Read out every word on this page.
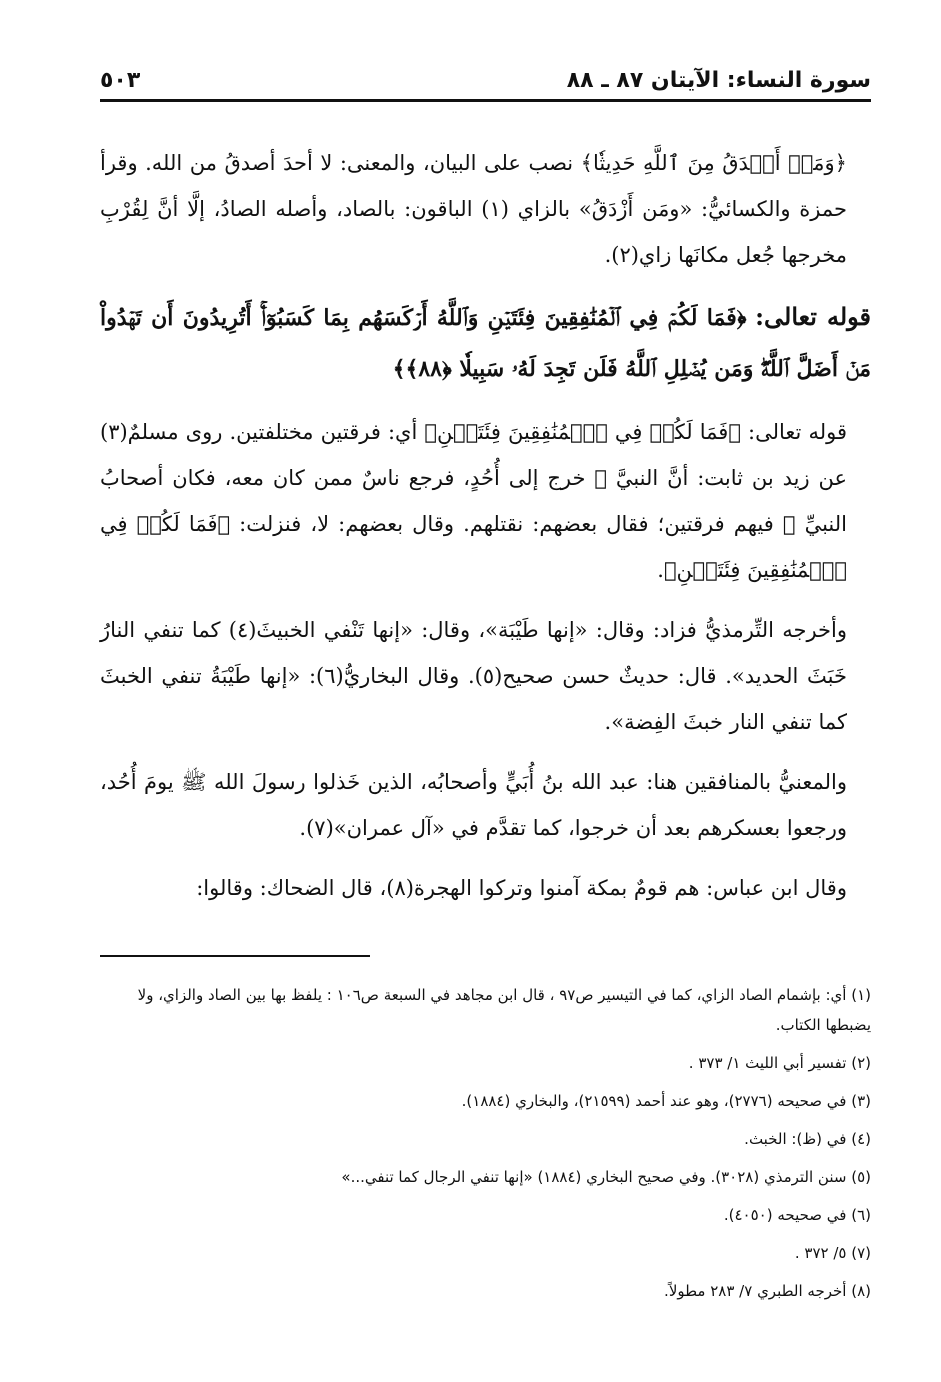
سورة النساء: الآيتان ٨٧ ـ ٨٨
٥٠٣

﴿وَمَنۡ أَصۡدَقُ مِنَ ٱللَّهِ حَدِيثٗا﴾ نصب على البيان، والمعنى: لا أحدَ أصدقُ من الله. وقرأ حمزة والكسائيُّ: «ومَن أَزْدَقُ» بالزاي (١) الباقون: بالصاد، وأصله الصادُ، إلَّا أنَّ لِقُرْبِ مخرجها جُعل مكانَها زاي(٢).

قوله تعالى: ﴿فَمَا لَكُمۡ فِي ٱلۡمُنَٰفِقِينَ فِئَتَيۡنِ وَٱللَّهُ أَرۡكَسَهُم بِمَا كَسَبُوٓاْۚ أَتُرِيدُونَ أَن تَهۡدُواْ مَنۡ أَضَلَّ ٱللَّهُۖ وَمَن يُضۡلِلِ ٱللَّهُ فَلَن تَجِدَ لَهُۥ سَبِيلٗا ﴿٨٨﴾﴾

قوله تعالى: ﴿فَمَا لَكُمۡ فِي ٱلۡمُنَٰفِقِينَ فِئَتَيۡنِ﴾ أي: فرقتين مختلفتين. روى مسلمٌ(٣) عن زيد بن ثابت: أنَّ النبيَّ ﷺ خرج إلى أُحُدٍ، فرجع ناسٌ ممن كان معه، فكان أصحابُ النبيِّ ﷺ فيهم فرقتين؛ فقال بعضهم: نقتلهم. وقال بعضهم: لا، فنزلت: ﴿فَمَا لَكُمۡ فِي ٱلۡمُنَٰفِقِينَ فِئَتَيۡنِ﴾.

وأخرجه التِّرمذيُّ فزاد: وقال: «إنها طَيْبَة»، وقال: «إنها تَنْفي الخبيثَ(٤) كما تنفي النارُ خَبَثَ الحديد». قال: حديثٌ حسن صحيح(٥). وقال البخاريُّ(٦): «إنها طَيْبَةُ تنفي الخبثَ كما تنفي النار خبثَ الفِضة».

والمعنيُّ بالمنافقين هنا: عبد الله بنُ أُبَيٍّ وأصحابُه، الذين خَذلوا رسولَ الله ﷺ يومَ أُحُد، ورجعوا بعسكرهم بعد أن خرجوا، كما تقدَّم في «آل عمران»(٧).

وقال ابن عباس: هم قومٌ بمكة آمنوا وتركوا الهجرة(٨)، قال الضحاك: وقالوا:

(١) أي: بإشمام الصاد الزاي، كما في التيسير ص٩٧ ، قال ابن مجاهد في السبعة ص١٠٦ : يلفظ بها بين الصاد والزاي، ولا يضبطها الكتاب.

(٢) تفسير أبي الليث ١/ ٣٧٣ .

(٣) في صحيحه (٢٧٧٦)، وهو عند أحمد (٢١٥٩٩)، والبخاري (١٨٨٤).

(٤) في (ظ): الخبث.

(٥) سنن الترمذي (٣٠٢٨). وفي صحيح البخاري (١٨٨٤) «إنها تنفي الرجال كما تنفي...»

(٦) في صحيحه (٤٠٥٠).

(٧) ٥/ ٣٧٢ .

(٨) أخرجه الطبري ٧/ ٢٨٣ مطولاً.
